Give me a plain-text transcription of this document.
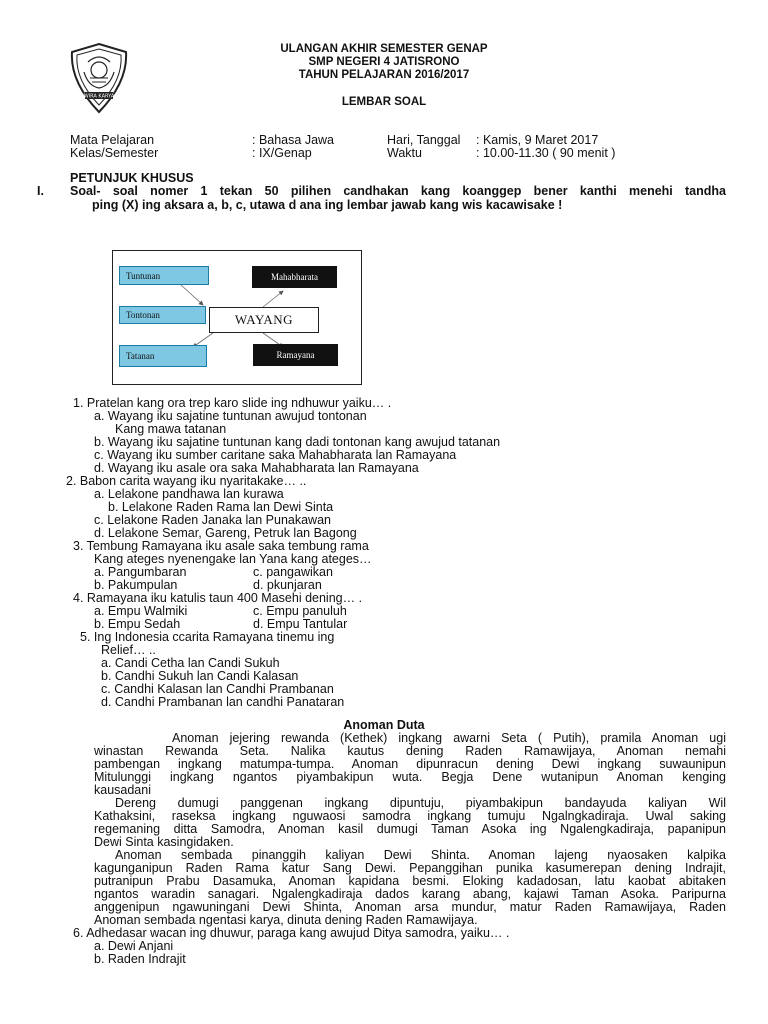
WIRA KARYA
ULANGAN AKHIR SEMESTER GENAP
SMP NEGERI 4 JATISRONO
TAHUN PELAJARAN 2016/2017
LEMBAR SOAL
Mata Pelajaran	: Bahasa Jawa	Hari, Tanggal : Kamis, 9 Maret 2017
Kelas/Semester	: IX/Genap	Waktu	: 10.00-11.30 ( 90 menit )
PETUNJUK KHUSUS
I. Soal- soal nomer 1 tekan 50 pilihen candhakan kang koanggep bener kanthi menehi tandha
ping (X) ing aksara a, b, c, utawa d ana ing lembar jawab kang wis kacawisake !
Tuntunan
Tontonan
Tatanan
WAYANG
Mahabharata
Ramayana
1. Pratelan kang ora trep karo slide ing ndhuwur yaiku… .
a. Wayang iku sajatine tuntunan awujud tontonan
Kang mawa tatanan
b. Wayang iku sajatine tuntunan kang dadi tontonan kang awujud tatanan
c. Wayang iku sumber caritane saka Mahabharata lan Ramayana
d. Wayang iku asale ora saka Mahabharata lan Ramayana
2. Babon carita wayang iku nyaritakake… ..
a. Lelakone pandhawa lan kurawa
b. Lelakone Raden Rama lan Dewi Sinta
c. Lelakone Raden Janaka lan Punakawan
d. Lelakone Semar, Gareng, Petruk lan Bagong
3. Tembung Ramayana iku asale saka tembung rama
Kang ateges nyenengake lan Yana kang ateges…
a. Pangumbaran	c. pangawikan
b. Pakumpulan	d. pkunjaran
4. Ramayana iku katulis taun 400 Masehi dening… .
a. Empu Walmiki	c. Empu panuluh
b. Empu Sedah	d. Empu Tantular
5. Ing Indonesia ccarita Ramayana tinemu ing
Relief… ..
a. Candi Cetha lan Candi Sukuh
b. Candhi Sukuh lan Candi Kalasan
c. Candhi Kalasan lan Candhi Prambanan
d. Candhi Prambanan lan candhi Panataran
Anoman Duta
Anoman jejering rewanda (Kethek) ingkang awarni Seta ( Putih), pramila Anoman ugi
winastan Rewanda Seta. Nalika kautus dening Raden Ramawijaya, Anoman nemahi
pambengan ingkang matumpa-tumpa. Anoman dipunracun dening Dewi ingkang suwaunipun
Mitulunggi ingkang ngantos piyambakipun wuta. Begja Dene wutanipun Anoman kenging
kausadani
Dereng dumugi panggenan ingkang dipuntuju, piyambakipun bandayuda kaliyan Wil
Kathaksini, raseksa ingkang nguwaosi samodra ingkang tumuju Ngalngkadiraja. Uwal saking
regemaning ditta Samodra, Anoman kasil dumugi Taman Asoka ing Ngalengkadiraja, papanipun
Dewi Sinta kasingidaken.
Anoman sembada pinanggih kaliyan Dewi Shinta. Anoman lajeng nyaosaken kalpika
kagunganipun Raden Rama katur Sang Dewi. Pepanggihan punika kasumerepan dening Indrajit,
putranipun Prabu Dasamuka, Anoman kapidana besmi. Eloking kadadosan, latu kaobat abitaken
ngantos waradin sanagari. Ngalengkadiraja dados karang abang, kajawi Taman Asoka. Paripurna
anggenipun ngawuningani Dewi Shinta, Anoman arsa mundur, matur Raden Ramawijaya, Raden
Anoman sembada ngentasi karya, dinuta dening Raden Ramawijaya.
6. Adhedasar wacan ing dhuwur, paraga kang awujud Ditya samodra, yaiku… .
a. Dewi Anjani
b. Raden Indrajit
